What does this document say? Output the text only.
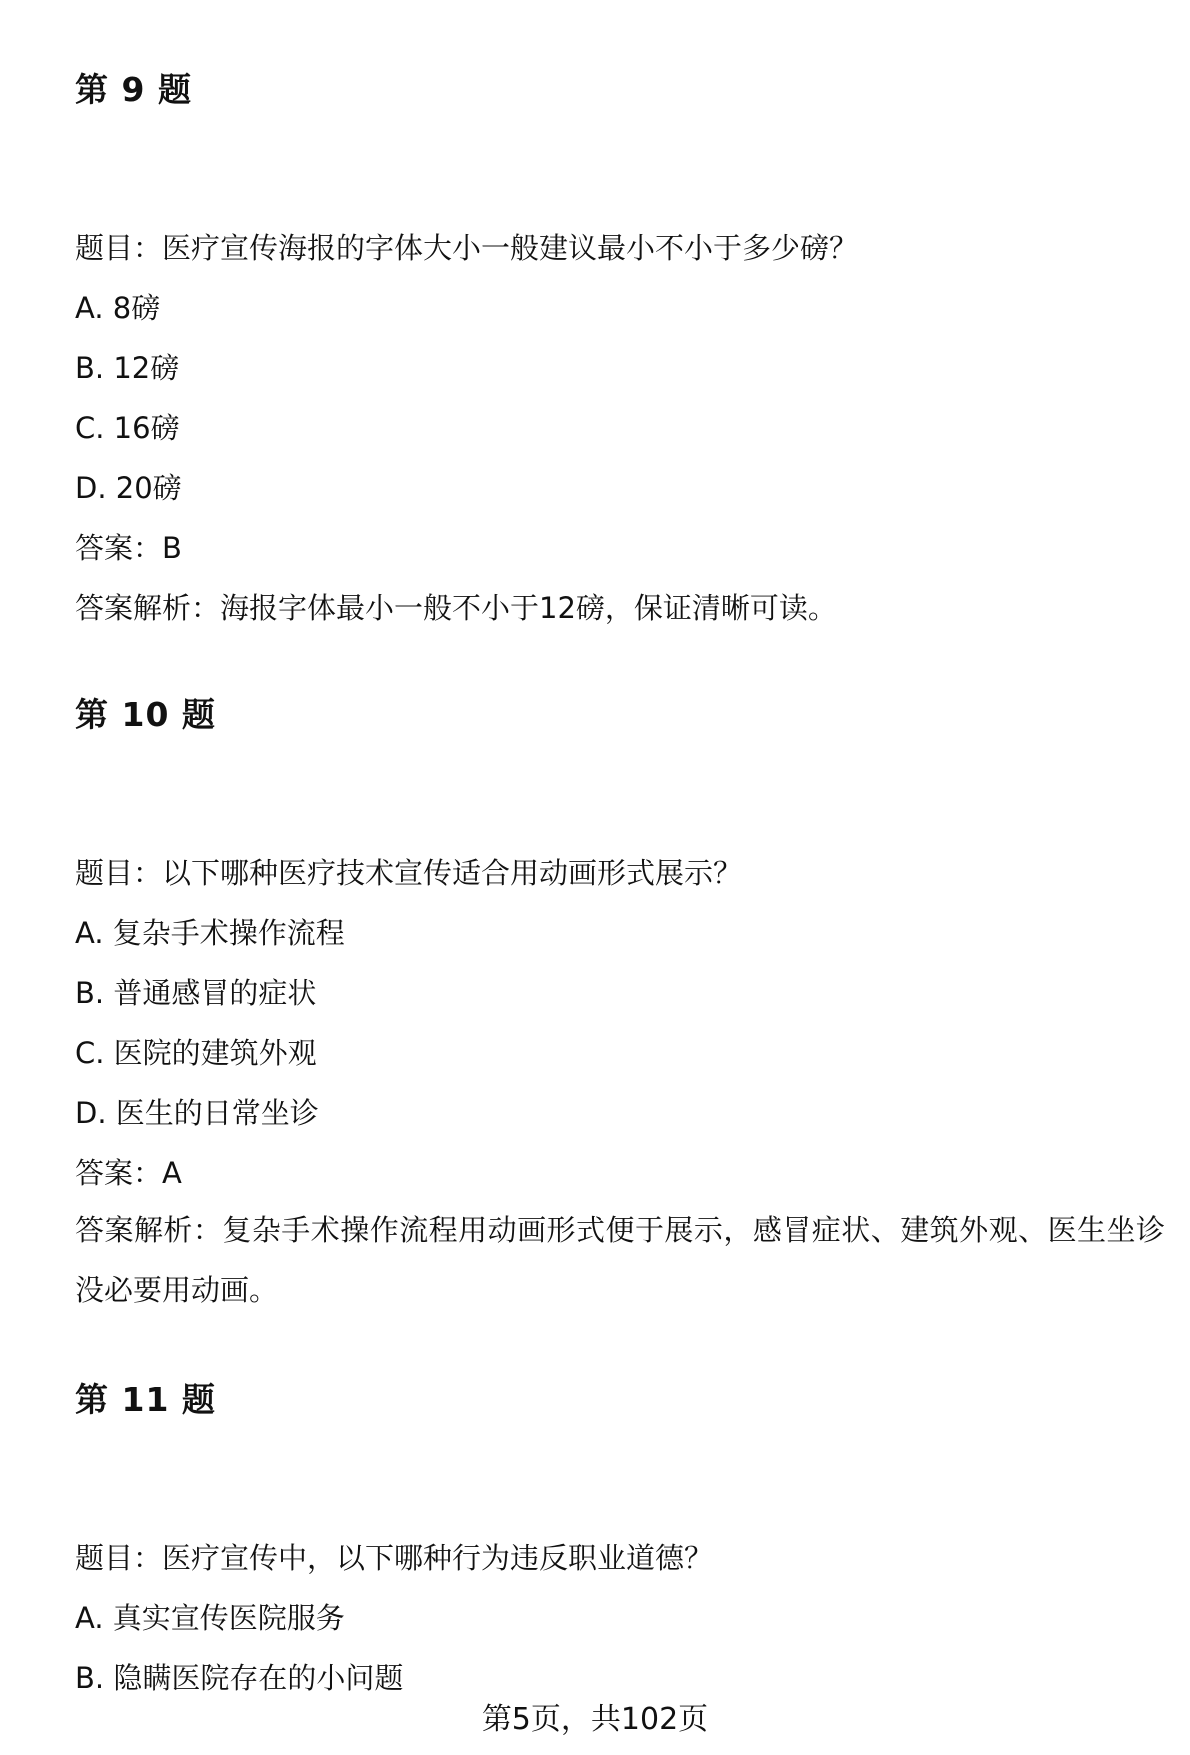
第 9 题

题目：医疗宣传海报的字体大小一般建议最小不小于多少磅？

A. 8磅

B. 12磅

C. 16磅

D. 20磅

答案：B

答案解析：海报字体最小一般不小于12磅，保证清晰可读。

第 10 题

题目：以下哪种医疗技术宣传适合用动画形式展示？

A. 复杂手术操作流程

B. 普通感冒的症状

C. 医院的建筑外观

D. 医生的日常坐诊

答案：A

答案解析：复杂手术操作流程用动画形式便于展示，感冒症状、建筑外观、医生坐诊没必要用动画。

第 11 题

题目：医疗宣传中，以下哪种行为违反职业道德？

A. 真实宣传医院服务

B. 隐瞒医院存在的小问题

第5页，共102页
